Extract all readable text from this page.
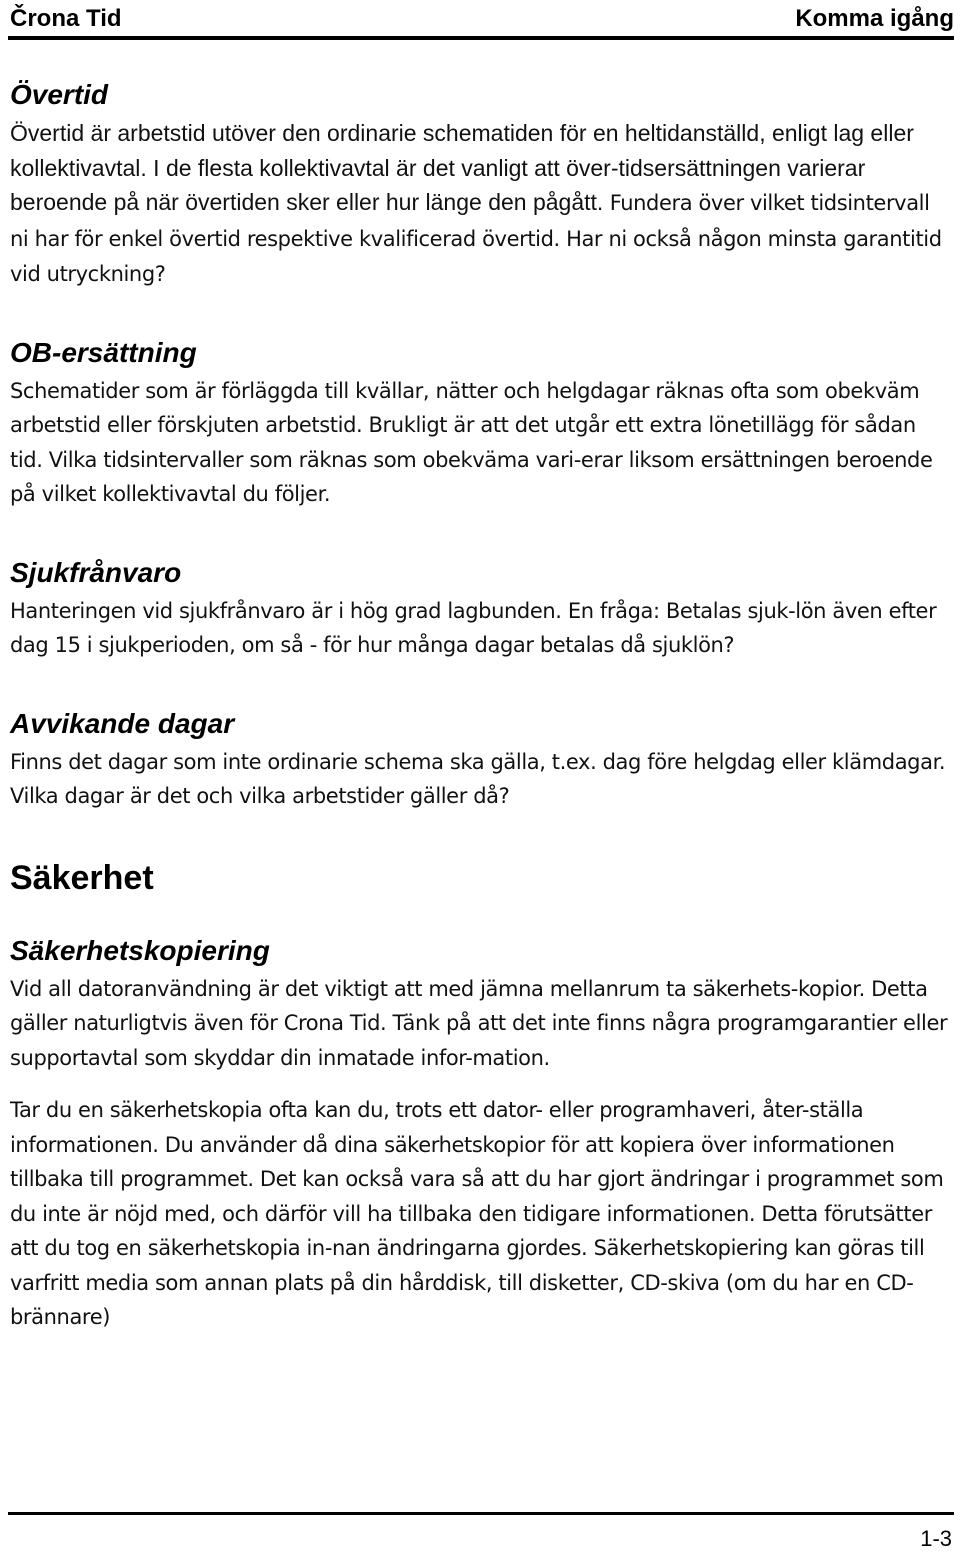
Črona Tid	Komma igång
Övertid

Övertid är arbetstid utöver den ordinarie schematiden för en heltidanställd, enligt lag eller kollektivavtal. I de flesta kollektivavtal är det vanligt att över-tidsersättningen varierar beroende på när övertiden sker eller hur länge den pågått. Fundera över vilket tidsintervall ni har för enkel övertid respektive kvalificerad övertid. Har ni också någon minsta garantitid vid utryckning?

OB-ersättning

Schematider som är förläggda till kvällar, nätter och helgdagar räknas ofta som obekväm arbetstid eller förskjuten arbetstid. Brukligt är att det utgår ett extra lönetillägg för sådan tid. Vilka tidsintervaller som räknas som obekväma vari-erar liksom ersättningen beroende på vilket kollektivavtal du följer.

Sjukfrånvaro

Hanteringen vid sjukfrånvaro är i hög grad lagbunden. En fråga: Betalas sjuk-lön även efter dag 15 i sjukperioden, om så - för hur många dagar betalas då sjuklön?

Avvikande dagar

Finns det dagar som inte ordinarie schema ska gälla, t.ex. dag före helgdag eller klämdagar. Vilka dagar är det och vilka arbetstider gäller då?

Säkerhet
Säkerhetskopiering

Vid all datoranvändning är det viktigt att med jämna mellanrum ta säkerhets-kopior. Detta gäller naturligtvis även för Crona Tid. Tänk på att det inte finns några programgarantier eller supportavtal som skyddar din inmatade infor-mation.

Tar du en säkerhetskopia ofta kan du, trots ett dator- eller programhaveri, åter-ställa informationen. Du använder då dina säkerhetskopior för att kopiera över informationen tillbaka till programmet. Det kan också vara så att du har gjort ändringar i programmet som du inte är nöjd med, och därför vill ha tillbaka den tidigare informationen. Detta förutsätter att du tog en säkerhetskopia in-nan ändringarna gjordes. Säkerhetskopiering kan göras till varfritt media som annan plats på din hårddisk, till disketter, CD-skiva (om du har en CD-brännare)

1-3
